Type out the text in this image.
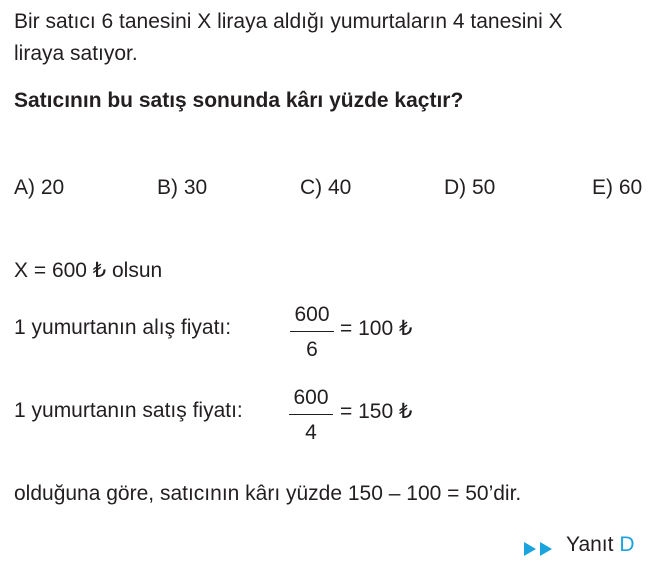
Bir satıcı 6 tanesini X liraya aldığı yumurtaların 4 tanesini X
liraya satıyor.
Satıcının bu satış sonunda kârı yüzde kaçtır?
A) 20	B) 30	C) 40	D) 50	E) 60
X = 600 ₺ olsun
1 yumurtanın alış fiyatı:
600
6
= 100 ₺
1 yumurtanın satış fiyatı:
600
4
= 150 ₺
olduğuna göre, satıcının kârı yüzde 150 – 100 = 50’dir.
Yanıt D
